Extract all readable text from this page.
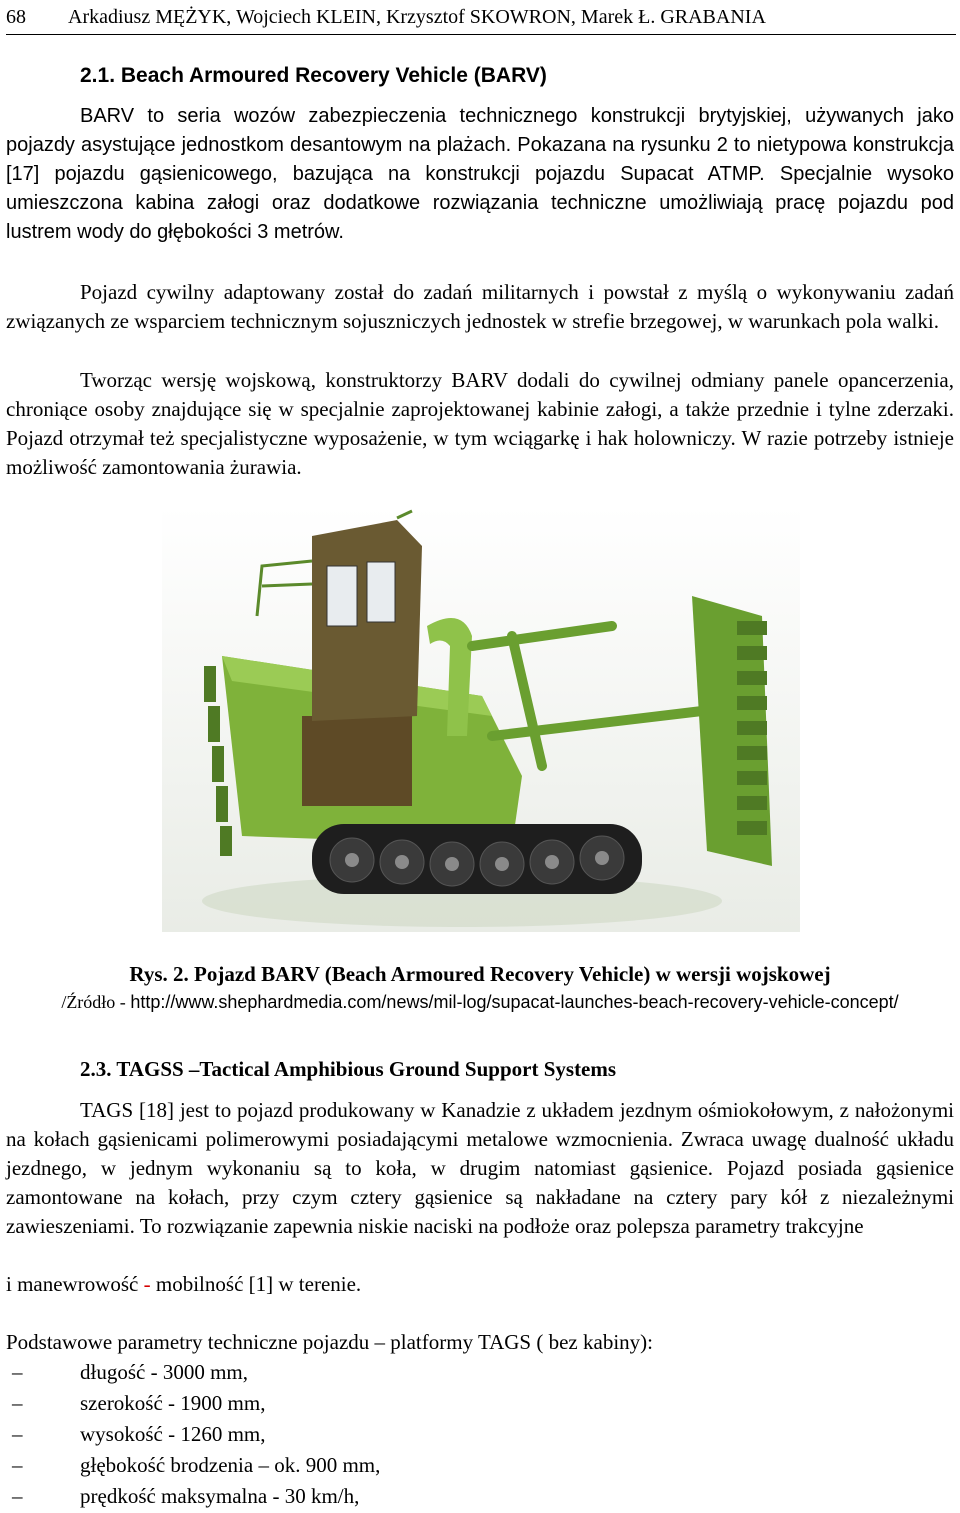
68 Arkadiusz MĘŻYK, Wojciech KLEIN, Krzysztof SKOWRON, Marek Ł. GRABANIA
2.1. Beach Armoured Recovery Vehicle (BARV)

BARV to seria wozów zabezpieczenia technicznego konstrukcji brytyjskiej, używanych jako pojazdy asystujące jednostkom desantowym na plażach. Pokazana na rysunku 2 to nietypowa konstrukcja [17] pojazdu gąsienicowego, bazująca na konstrukcji pojazdu Supacat ATMP. Specjalnie wysoko umieszczona kabina załogi oraz dodatkowe rozwiązania techniczne umożliwiają pracę pojazdu pod lustrem wody do głębokości 3 metrów.

Pojazd cywilny adaptowany został do zadań militarnych i powstał z myślą o wykonywaniu zadań związanych ze wsparciem technicznym sojuszniczych jednostek w strefie brzegowej, w warunkach pola walki.

Tworząc wersję wojskową, konstruktorzy BARV dodali do cywilnej odmiany panele opancerzenia, chroniące osoby znajdujące się w specjalnie zaprojektowanej kabinie załogi, a także przednie i tylne zderzaki. Pojazd otrzymał też specjalistyczne wyposażenie, w tym wciągarkę i hak holowniczy. W razie potrzeby istnieje możliwość zamontowania żurawia.

Rys. 2. Pojazd BARV (Beach Armoured Recovery Vehicle) w wersji wojskowej
/Źródło - http://www.shephardmedia.com/news/mil-log/supacat-launches-beach-recovery-vehicle-concept/
2.3. TAGSS –Tactical Amphibious Ground Support Systems

TAGS [18] jest to pojazd produkowany w Kanadzie z układem jezdnym ośmiokołowym, z nałożonymi na kołach gąsienicami polimerowymi posiadającymi metalowe wzmocnienia. Zwraca uwagę dualność układu jezdnego, w jednym wykonaniu są to koła, w drugim natomiast gąsienice. Pojazd posiada gąsienice zamontowane na kołach, przy czym cztery gąsienice są nakładane na cztery pary kół z niezależnymi zawieszeniami. To rozwiązanie zapewnia niskie naciski na podłoże oraz polepsza parametry trakcyjne

i manewrowość - mobilność [1] w terenie.
Podstawowe parametry techniczne pojazdu – platformy TAGS ( bez kabiny):
–	długość - 3000 mm,
–	szerokość - 1900 mm,
–	wysokość - 1260 mm,
–	głębokość brodzenia – ok. 900 mm,
–	prędkość maksymalna - 30 km/h,
